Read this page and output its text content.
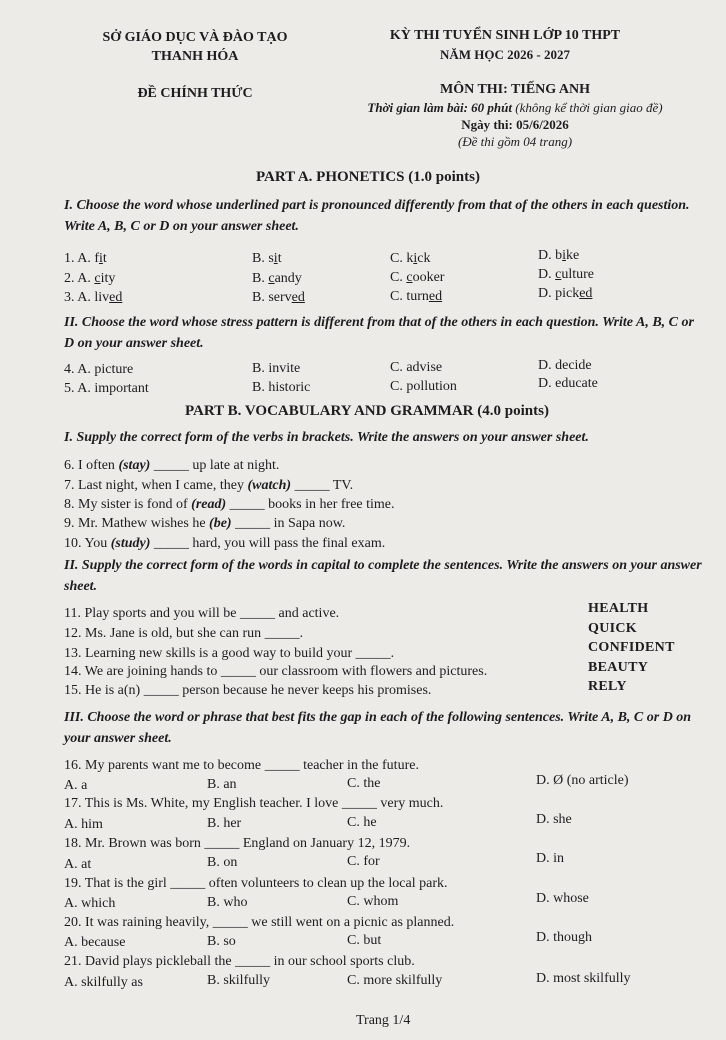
SỞ GIÁO DỤC VÀ ĐÀO TẠO
THANH HÓA
ĐỀ CHÍNH THỨC
KỲ THI TUYỂN SINH LỚP 10 THPT
NĂM HỌC 2026 - 2027
MÔN THI: TIẾNG ANH
Thời gian làm bài: 60 phút (không kể thời gian giao đề)
Ngày thi: 05/6/2026
(Đề thi gồm 04 trang)
PART A. PHONETICS (1.0 points)
I. Choose the word whose underlined part is pronounced differently from that of the others in each question. Write A, B, C or D on your answer sheet.
1. A. fit	B. sit	C. kick	D. bike
2. A. city	B. candy	C. cooker	D. culture
3. A. lived	B. served	C. turned	D. picked
II. Choose the word whose stress pattern is different from that of the others in each question. Write A, B, C or D on your answer sheet.
4. A. picture	B. invite	C. advise	D. decide
5. A. important	B. historic	C. pollution	D. educate
PART B. VOCABULARY AND GRAMMAR (4.0 points)
I. Supply the correct form of the verbs in brackets. Write the answers on your answer sheet.
6. I often (stay) _____ up late at night.
7. Last night, when I came, they (watch) _____ TV.
8. My sister is fond of (read) _____ books in her free time.
9. Mr. Mathew wishes he (be) _____ in Sapa now.
10. You (study) _____ hard, you will pass the final exam.
II. Supply the correct form of the words in capital to complete the sentences. Write the answers on your answer sheet.
11. Play sports and you will be _____ and active.	HEALTH
12. Ms. Jane is old, but she can run _____.	QUICK
13. Learning new skills is a good way to build your _____.	CONFIDENT
14. We are joining hands to _____ our classroom with flowers and pictures.	BEAUTY
15. He is a(n) _____ person because he never keeps his promises.	RELY
III. Choose the word or phrase that best fits the gap in each of the following sentences. Write A, B, C or D on your answer sheet.
16. My parents want me to become _____ teacher in the future.
A. a	B. an	C. the	D. Ø (no article)
17. This is Ms. White, my English teacher. I love _____ very much.
A. him	B. her	C. he	D. she
18. Mr. Brown was born _____ England on January 12, 1979.
A. at	B. on	C. for	D. in
19. That is the girl _____ often volunteers to clean up the local park.
A. which	B. who	C. whom	D. whose
20. It was raining heavily, _____ we still went on a picnic as planned.
A. because	B. so	C. but	D. though
21. David plays pickleball the _____ in our school sports club.
A. skilfully as	B. skilfully	C. more skilfully	D. most skilfully
Trang 1/4
